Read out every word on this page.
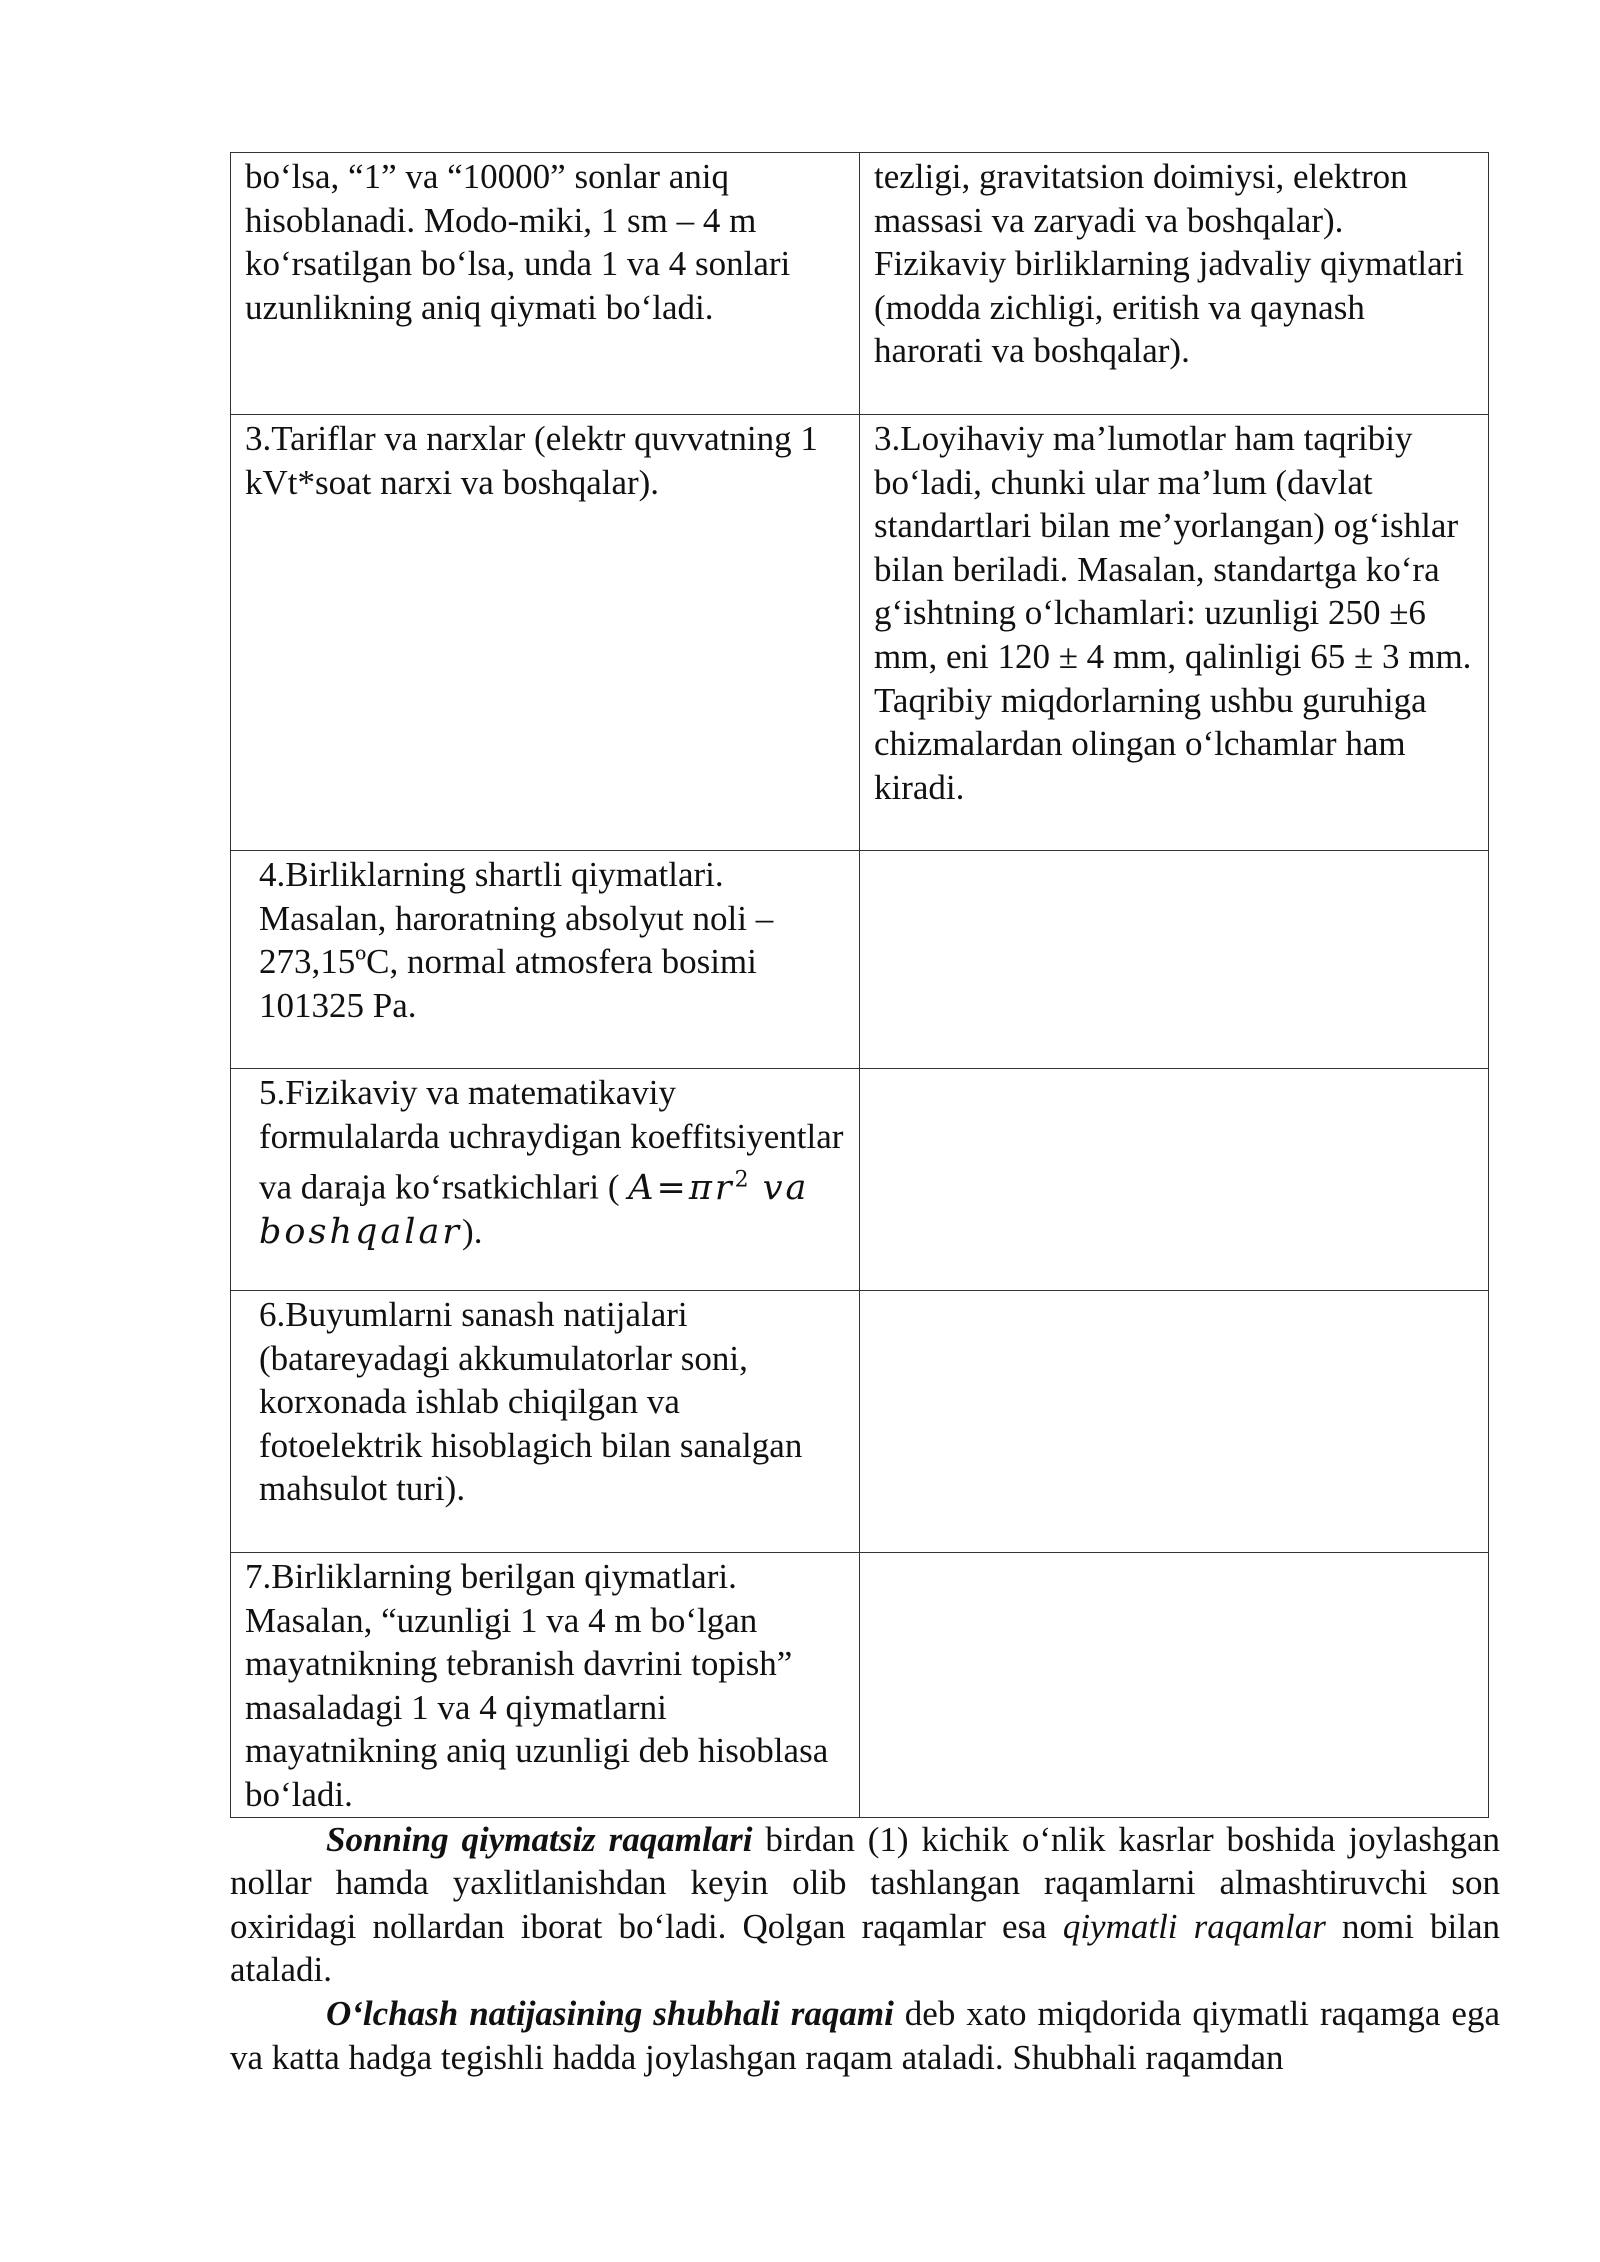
bo‘lsa, “1” va “10000” sonlar aniq hisoblanadi. Modo-miki, 1 sm – 4 m ko‘rsatilgan bo‘lsa, unda 1 va 4 sonlari uzunlikning aniq qiymati bo‘ladi.	tezligi, gravitatsion doimiysi, elektron massasi va zaryadi va boshqalar). Fizikaviy birliklarning jadvaliy qiymatlari (modda zichligi, eritish va qaynash harorati va boshqalar).
3.Tariflar va narxlar (elektr quvvatning 1 kVt*soat narxi va boshqalar).	3.Loyihaviy ma’lumotlar ham taqribiy bo‘ladi, chunki ular ma’lum (davlat standartlari bilan me’yorlangan) og‘ishlar bilan beriladi. Masalan, standartga ko‘ra g‘ishtning o‘lchamlari: uzunligi 250 ±6 mm, eni 120 ± 4 mm, qalinligi 65 ± 3 mm. Taqribiy miqdorlarning ushbu guruhiga chizmalardan olingan o‘lchamlar ham kiradi.
4.Birliklarning shartli qiymatlari. Masalan, haroratning absolyut noli – 273,15ºC, normal atmosfera bosimi 101325 Pa.	
5.Fizikaviy va matematikaviy formulalarda uchraydigan koeffitsiyentlar va daraja ko‘rsatkichlari ( $A=\pi r^2$ va boshqalar).	
6.Buyumlarni sanash natijalari (batareyadagi akkumulatorlar soni, korxonada ishlab chiqilgan va fotoelektrik hisoblagich bilan sanalgan mahsulot turi).	
7.Birliklarning berilgan qiymatlari. Masalan, “uzunligi 1 va 4 m bo‘lgan mayatnikning tebranish davrini topish” masaladagi 1 va 4 qiymatlarni mayatnikning aniq uzunligi deb hisoblasa bo‘ladi.	

Sonning qiymatsiz raqamlari birdan (1) kichik o‘nlik kasrlar boshida joylashgan nollar hamda yaxlitlanishdan keyin olib tashlangan raqamlarni almashtiruvchi son oxiridagi nollardan iborat bo‘ladi. Qolgan raqamlar esa qiymatli raqamlar nomi bilan ataladi.

O‘lchash natijasining shubhali raqami deb xato miqdorida qiymatli raqamga ega va katta hadga tegishli hadda joylashgan raqam ataladi. Shubhali raqamdan
